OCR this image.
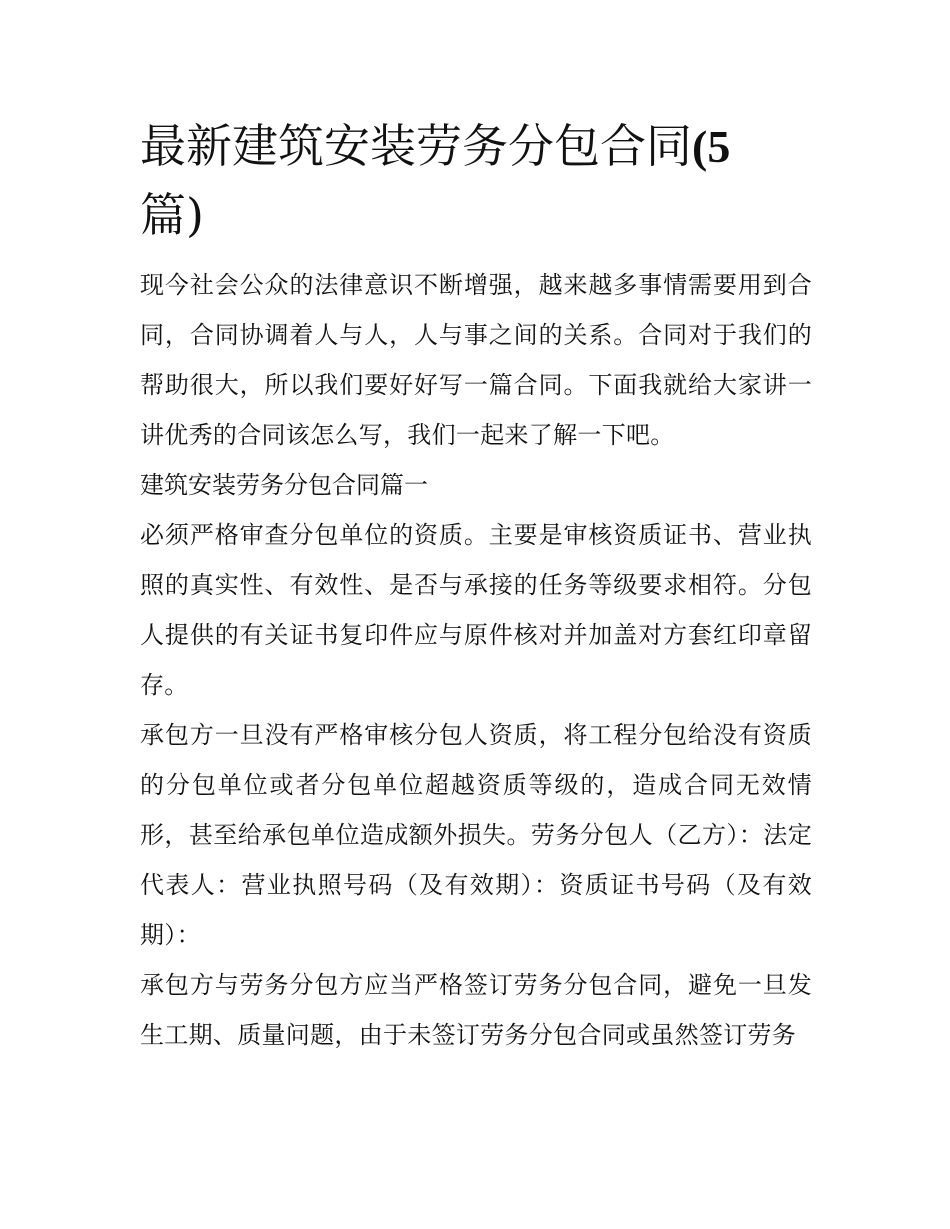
最新建筑安装劳务分包合同(5
篇)

现今社会公众的法律意识不断增强，越来越多事情需要用到合同，合同协调着人与人，人与事之间的关系。合同对于我们的帮助很大，所以我们要好好写一篇合同。下面我就给大家讲一讲优秀的合同该怎么写，我们一起来了解一下吧。

建筑安装劳务分包合同篇一

必须严格审查分包单位的资质。主要是审核资质证书、营业执照的真实性、有效性、是否与承接的任务等级要求相符。分包人提供的有关证书复印件应与原件核对并加盖对方套红印章留存。

承包方一旦没有严格审核分包人资质，将工程分包给没有资质的分包单位或者分包单位超越资质等级的，造成合同无效情形，甚至给承包单位造成额外损失。劳务分包人（乙方）：法定代表人：营业执照号码（及有效期）：资质证书号码（及有效期）：

承包方与劳务分包方应当严格签订劳务分包合同，避免一旦发生工期、质量问题，由于未签订劳务分包合同或虽然签订劳务
